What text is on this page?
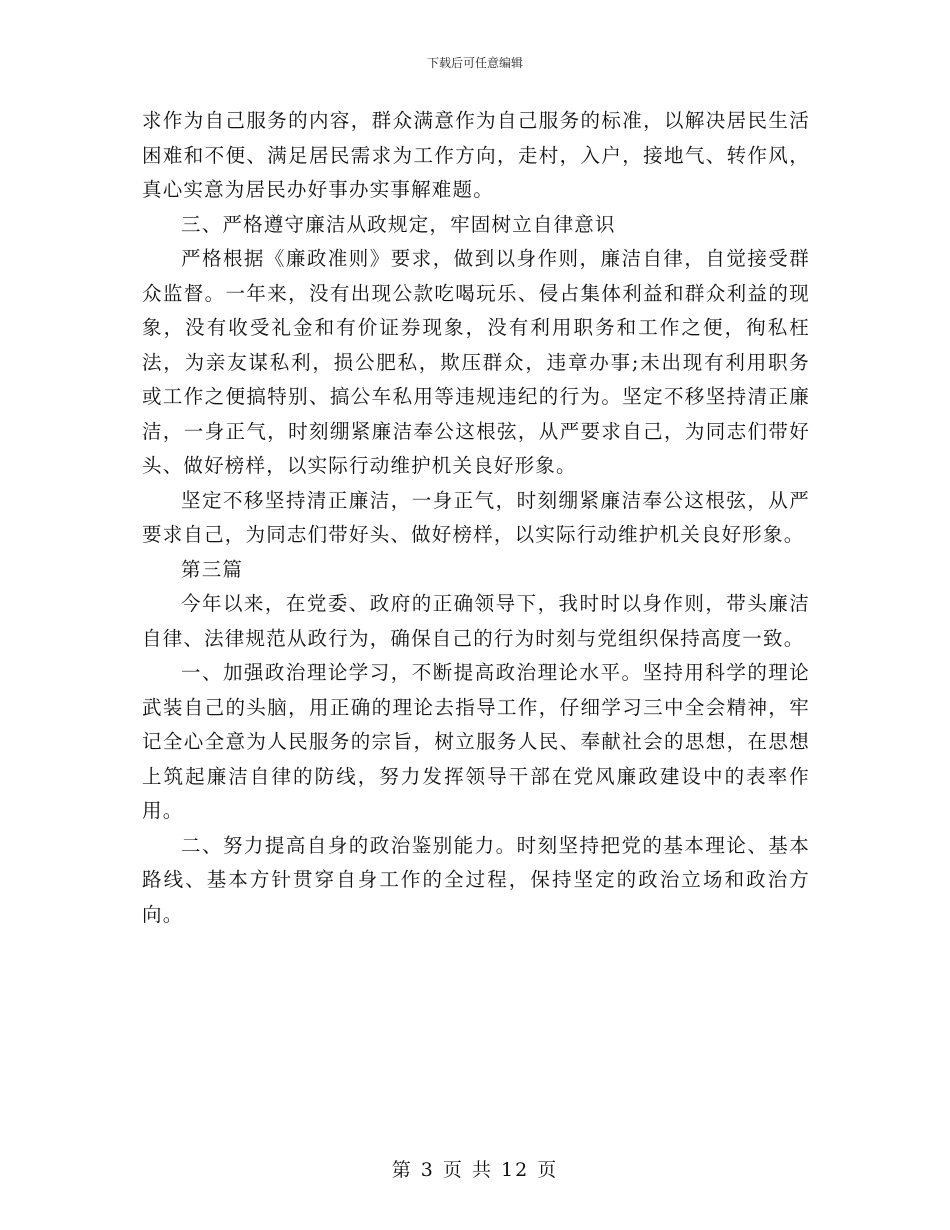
下载后可任意编辑

求作为自己服务的内容，群众满意作为自己服务的标准，以解决居民生活困难和不便、满足居民需求为工作方向，走村，入户，接地气、转作风，真心实意为居民办好事办实事解难题。

三、严格遵守廉洁从政规定，牢固树立自律意识

严格根据《廉政准则》要求，做到以身作则，廉洁自律，自觉接受群众监督。一年来，没有出现公款吃喝玩乐、侵占集体利益和群众利益的现象，没有收受礼金和有价证券现象，没有利用职务和工作之便，徇私枉法，为亲友谋私利，损公肥私，欺压群众，违章办事;未出现有利用职务或工作之便搞特别、搞公车私用等违规违纪的行为。坚定不移坚持清正廉洁，一身正气，时刻绷紧廉洁奉公这根弦，从严要求自己，为同志们带好头、做好榜样，以实际行动维护机关良好形象。

坚定不移坚持清正廉洁，一身正气，时刻绷紧廉洁奉公这根弦，从严要求自己，为同志们带好头、做好榜样，以实际行动维护机关良好形象。

第三篇

今年以来，在党委、政府的正确领导下，我时时以身作则，带头廉洁自律、法律规范从政行为，确保自己的行为时刻与党组织保持高度一致。

一、加强政治理论学习，不断提高政治理论水平。坚持用科学的理论武装自己的头脑，用正确的理论去指导工作，仔细学习三中全会精神，牢记全心全意为人民服务的宗旨，树立服务人民、奉献社会的思想，在思想上筑起廉洁自律的防线，努力发挥领导干部在党风廉政建设中的表率作用。

二、努力提高自身的政治鉴别能力。时刻坚持把党的基本理论、基本路线、基本方针贯穿自身工作的全过程，保持坚定的政治立场和政治方向。

第 3 页 共 12 页
